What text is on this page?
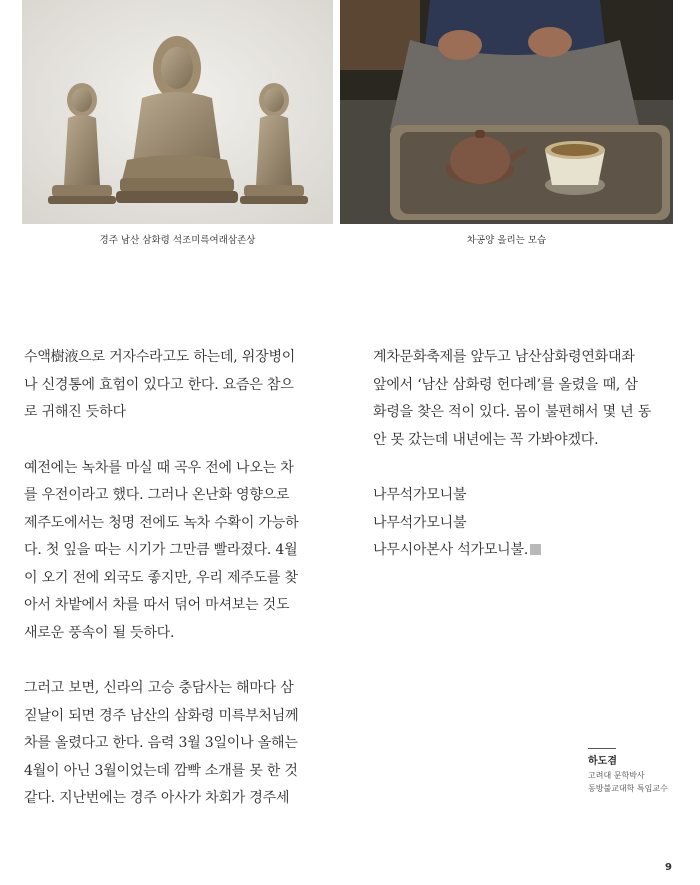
경주 남산 삼화령 석조미륵여래삼존상	차공양 올리는 모습

수액樹液으로 거자수라고도 하는데, 위장병이

나 신경통에 효험이 있다고 한다. 요즘은 참으

로 귀해진 듯하다

예전에는 녹차를 마실 때 곡우 전에 나오는 차

를 우전이라고 했다. 그러나 온난화 영향으로

제주도에서는 청명 전에도 녹차 수확이 가능하

다. 첫 잎을 따는 시기가 그만큼 빨라졌다. 4월

이 오기 전에 외국도 좋지만, 우리 제주도를 찾

아서 차밭에서 차를 따서 덖어 마셔보는 것도

새로운 풍속이 될 듯하다.

그러고 보면, 신라의 고승 충담사는 해마다 삼

짇날이 되면 경주 남산의 삼화령 미륵부처님께

차를 올렸다고 한다. 음력 3월 3일이나 올해는

4월이 아닌 3월이었는데 깜빡 소개를 못 한 것

같다. 지난번에는 경주 아사가 차회가 경주세

계차문화축제를 앞두고 남산삼화령연화대좌

앞에서 ‘남산 삼화령 헌다례’를 올렸을 때, 삼

화령을 찾은 적이 있다. 몸이 불편해서 몇 년 동

안 못 갔는데 내년에는 꼭 가봐야겠다.

나무석가모니불

나무석가모니불

나무시아본사 석가모니불.

하도겸
고려대 문학박사
동방불교대학 특임교수
9
